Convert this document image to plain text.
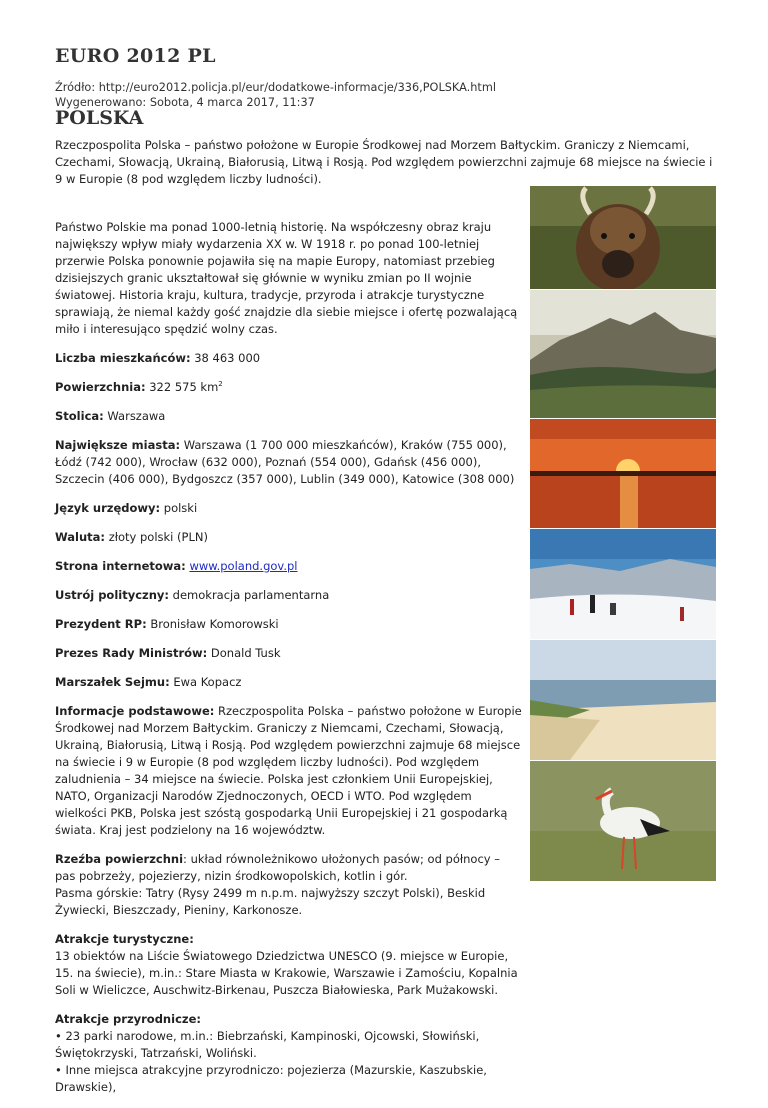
EURO 2012 PL
Źródło: http://euro2012.policja.pl/eur/dodatkowe-informacje/336,POLSKA.html
Wygenerowano: Sobota, 4 marca 2017, 11:37
POLSKA

Rzeczpospolita Polska – państwo położone w Europie Środkowej nad Morzem Bałtyckim. Graniczy z Niemcami, Czechami, Słowacją, Ukrainą, Białorusią, Litwą i Rosją. Pod względem powierzchni zajmuje 68 miejsce na świecie i 9 w Europie (8 pod względem liczby ludności).

Państwo Polskie ma ponad 1000-letnią historię. Na współczesny obraz kraju największy wpływ miały wydarzenia XX w. W 1918 r. po ponad 100-letniej przerwie Polska ponownie pojawiła się na mapie Europy, natomiast przebieg dzisiejszych granic ukształtował się głównie w wyniku zmian po II wojnie światowej. Historia kraju, kultura, tradycje, przyroda i atrakcje turystyczne sprawiają, że niemal każdy gość znajdzie dla siebie miejsce i ofertę pozwalającą miło i interesująco spędzić wolny czas.

Liczba mieszkańców: 38 463 000

Powierzchnia: 322 575 $km^2$

Stolica: Warszawa

Największe miasta: Warszawa (1 700 000 mieszkańców), Kraków (755 000), Łódź (742 000), Wrocław (632 000), Poznań (554 000), Gdańsk (456 000), Szczecin (406 000), Bydgoszcz (357 000), Lublin (349 000), Katowice (308 000)

Język urzędowy: polski

Waluta: złoty polski (PLN)

Strona internetowa: www.poland.gov.pl

Ustrój polityczny: demokracja parlamentarna

Prezydent RP: Bronisław Komorowski

Prezes Rady Ministrów: Donald Tusk

Marszałek Sejmu: Ewa Kopacz

Informacje podstawowe: Rzeczpospolita Polska – państwo położone w Europie Środkowej nad Morzem Bałtyckim. Graniczy z Niemcami, Czechami, Słowacją, Ukrainą, Białorusią, Litwą i Rosją. Pod względem powierzchni zajmuje 68 miejsce na świecie i 9 w Europie (8 pod względem liczby ludności). Pod względem zaludnienia – 34 miejsce na świecie. Polska jest członkiem Unii Europejskiej, NATO, Organizacji Narodów Zjednoczonych, OECD i WTO. Pod względem wielkości PKB, Polska jest szóstą gospodarką Unii Europejskiej i 21 gospodarką świata. Kraj jest podzielony na 16 województw.

Rzeźba powierzchni: układ równoleżnikowo ułożonych pasów; od północy – pas pobrzeży, pojezierzy, nizin środkowopolskich, kotlin i gór.
Pasma górskie: Tatry (Rysy 2499 m n.p.m. najwyższy szczyt Polski), Beskid Żywiecki, Bieszczady, Pieniny, Karkonosze.

Atrakcje turystyczne:
13 obiektów na Liście Światowego Dziedzictwa UNESCO (9. miejsce w Europie, 15. na świecie), m.in.: Stare Miasta w Krakowie, Warszawie i Zamościu, Kopalnia Soli w Wieliczce, Auschwitz-Birkenau, Puszcza Białowieska, Park Mużakowski.

Atrakcje przyrodnicze:
• 23 parki narodowe, m.in.: Biebrzański, Kampinoski, Ojcowski, Słowiński, Świętokrzyski, Tatrzański, Woliński.
• Inne miejsca atrakcyjne przyrodniczo: pojezierza (Mazurskie, Kaszubskie, Drawskie),
